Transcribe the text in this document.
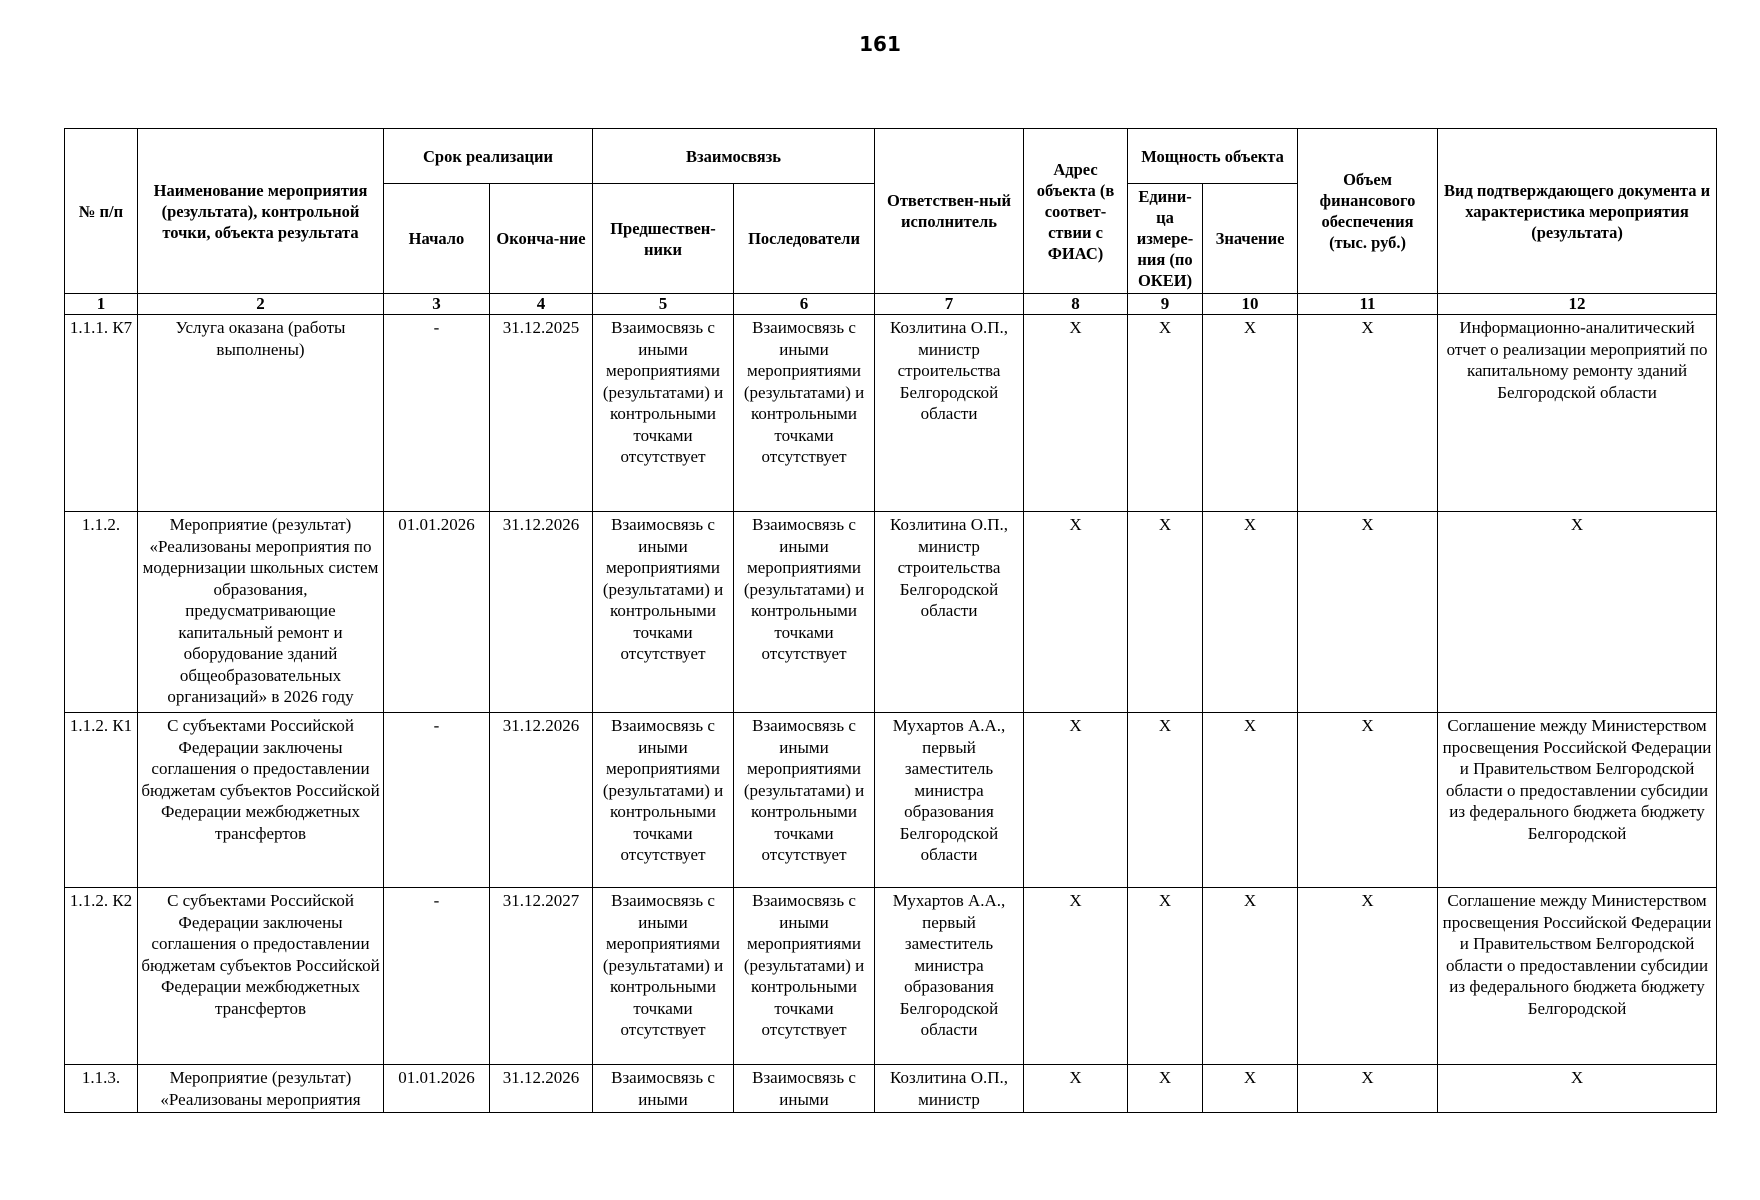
161
№ п/п	Наименование мероприятия (результата), контрольной точки, объекта результата	Срок реализации		Взаимосвязь		Ответствен-ный исполнитель	Адрес объекта (в соответ-ствии с ФИАС)	Мощность объекта		Объем финансового обеспечения (тыс. руб.)	Вид подтверждающего документа и характеристика мероприятия (результата)
		Начало	Оконча-ние	Предшествен-ники	Последователи			Едини-ца измере-ния (по ОКЕИ)	Значение		
1	2	3	4	5	6	7	8	9	10	11	12
1.1.1. К7	Услуга оказана (работы выполнены)	-	31.12.2025	Взаимосвязь с иными мероприятиями (результатами) и контрольными точками отсутствует	Взаимосвязь с иными мероприятиями (результатами) и контрольными точками отсутствует	Козлитина О.П., министр строительства Белгородской области	X	X	X	X	Информационно-аналитический отчет о реализации мероприятий по капитальному ремонту зданий Белгородской области
1.1.2.	Мероприятие (результат) «Реализованы мероприятия по модернизации школьных систем образования, предусматривающие капитальный ремонт и оборудование зданий общеобразовательных организаций» в 2026 году	01.01.2026	31.12.2026	Взаимосвязь с иными мероприятиями (результатами) и контрольными точками отсутствует	Взаимосвязь с иными мероприятиями (результатами) и контрольными точками отсутствует	Козлитина О.П., министр строительства Белгородской области	X	X	X	X	X
1.1.2. К1	С субъектами Российской Федерации заключены соглашения о предоставлении бюджетам субъектов Российской Федерации межбюджетных трансфертов	-	31.12.2026	Взаимосвязь с иными мероприятиями (результатами) и контрольными точками отсутствует	Взаимосвязь с иными мероприятиями (результатами) и контрольными точками отсутствует	Мухартов А.А., первый заместитель министра образования Белгородской области	X	X	X	X	Соглашение между Министерством просвещения Российской Федерации и Правительством Белгородской области о предоставлении субсидии из федерального бюджета бюджету Белгородской
1.1.2. К2	С субъектами Российской Федерации заключены соглашения о предоставлении бюджетам субъектов Российской Федерации межбюджетных трансфертов	-	31.12.2027	Взаимосвязь с иными мероприятиями (результатами) и контрольными точками отсутствует	Взаимосвязь с иными мероприятиями (результатами) и контрольными точками отсутствует	Мухартов А.А., первый заместитель министра образования Белгородской области	X	X	X	X	Соглашение между Министерством просвещения Российской Федерации и Правительством Белгородской области о предоставлении субсидии из федерального бюджета бюджету Белгородской
1.1.3.	Мероприятие (результат) «Реализованы мероприятия	01.01.2026	31.12.2026	Взаимосвязь с иными	Взаимосвязь с иными	Козлитина О.П., министр	X	X	X	X	X
